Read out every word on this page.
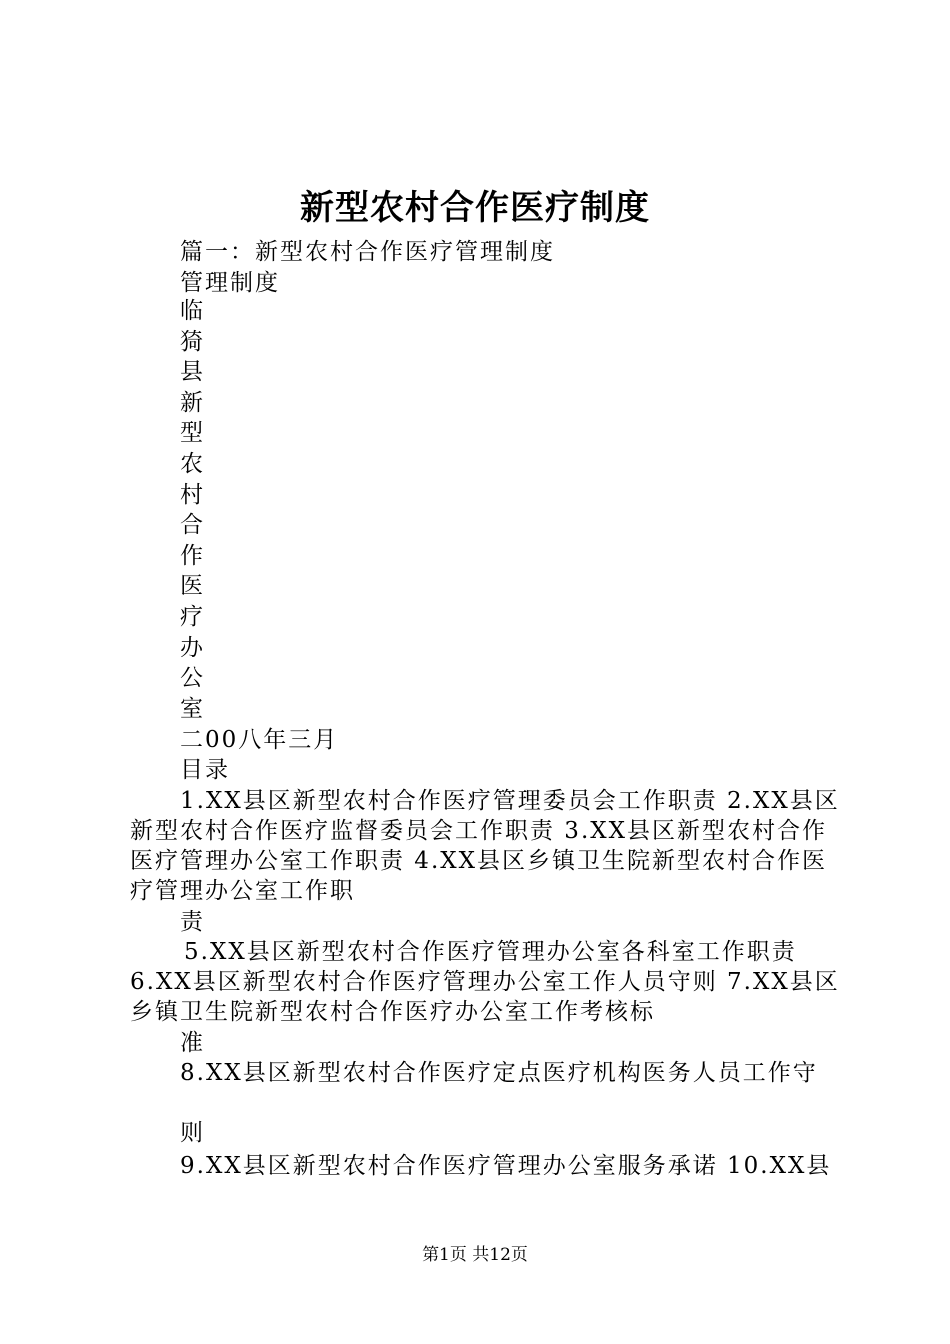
新型农村合作医疗制度
篇一：新型农村合作医疗管理制度
管理制度
临
猗
县
新
型
农
村
合
作
医
疗
办
公
室
二00八年三月
目录
1.XX县区新型农村合作医疗管理委员会工作职责 2.XX县区
新型农村合作医疗监督委员会工作职责 3.XX县区新型农村合作
医疗管理办公室工作职责 4.XX县区乡镇卫生院新型农村合作医
疗管理办公室工作职
责
5.XX县区新型农村合作医疗管理办公室各科室工作职责
6.XX县区新型农村合作医疗管理办公室工作人员守则 7.XX县区
乡镇卫生院新型农村合作医疗办公室工作考核标
准
8.XX县区新型农村合作医疗定点医疗机构医务人员工作守
则
9.XX县区新型农村合作医疗管理办公室服务承诺 10.XX县
第1页 共12页
